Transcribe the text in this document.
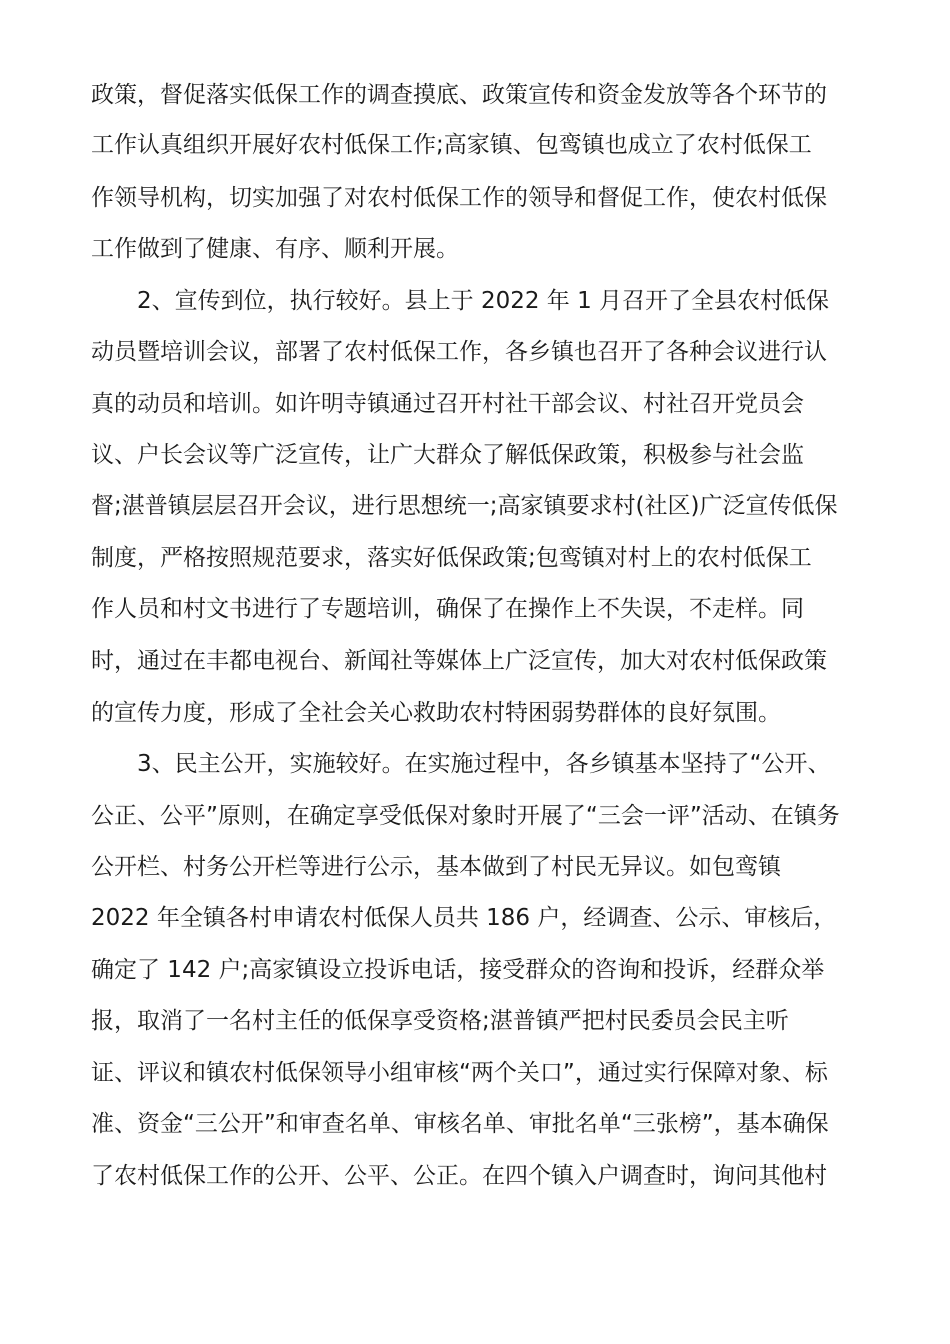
政策，督促落实低保工作的调查摸底、政策宣传和资金发放等各个环节的

工作认真组织开展好农村低保工作;高家镇、包鸾镇也成立了农村低保工

作领导机构，切实加强了对农村低保工作的领导和督促工作，使农村低保

工作做到了健康、有序、顺利开展。

2、宣传到位，执行较好。县上于 2022 年 1 月召开了全县农村低保

动员暨培训会议，部署了农村低保工作，各乡镇也召开了各种会议进行认

真的动员和培训。如许明寺镇通过召开村社干部会议、村社召开党员会

议、户长会议等广泛宣传，让广大群众了解低保政策，积极参与社会监

督;湛普镇层层召开会议，进行思想统一;高家镇要求村(社区)广泛宣传低保

制度，严格按照规范要求，落实好低保政策;包鸾镇对村上的农村低保工

作人员和村文书进行了专题培训，确保了在操作上不失误，不走样。同

时，通过在丰都电视台、新闻社等媒体上广泛宣传，加大对农村低保政策

的宣传力度，形成了全社会关心救助农村特困弱势群体的良好氛围。

3、民主公开，实施较好。在实施过程中，各乡镇基本坚持了“公开、

公正、公平”原则，在确定享受低保对象时开展了“三会一评”活动、在镇务

公开栏、村务公开栏等进行公示，基本做到了村民无异议。如包鸾镇

2022 年全镇各村申请农村低保人员共 186 户，经调查、公示、审核后，

确定了 142 户;高家镇设立投诉电话，接受群众的咨询和投诉，经群众举

报，取消了一名村主任的低保享受资格;湛普镇严把村民委员会民主听

证、评议和镇农村低保领导小组审核“两个关口”，通过实行保障对象、标

准、资金“三公开”和审查名单、审核名单、审批名单“三张榜”，基本确保

了农村低保工作的公开、公平、公正。在四个镇入户调查时，询问其他村
